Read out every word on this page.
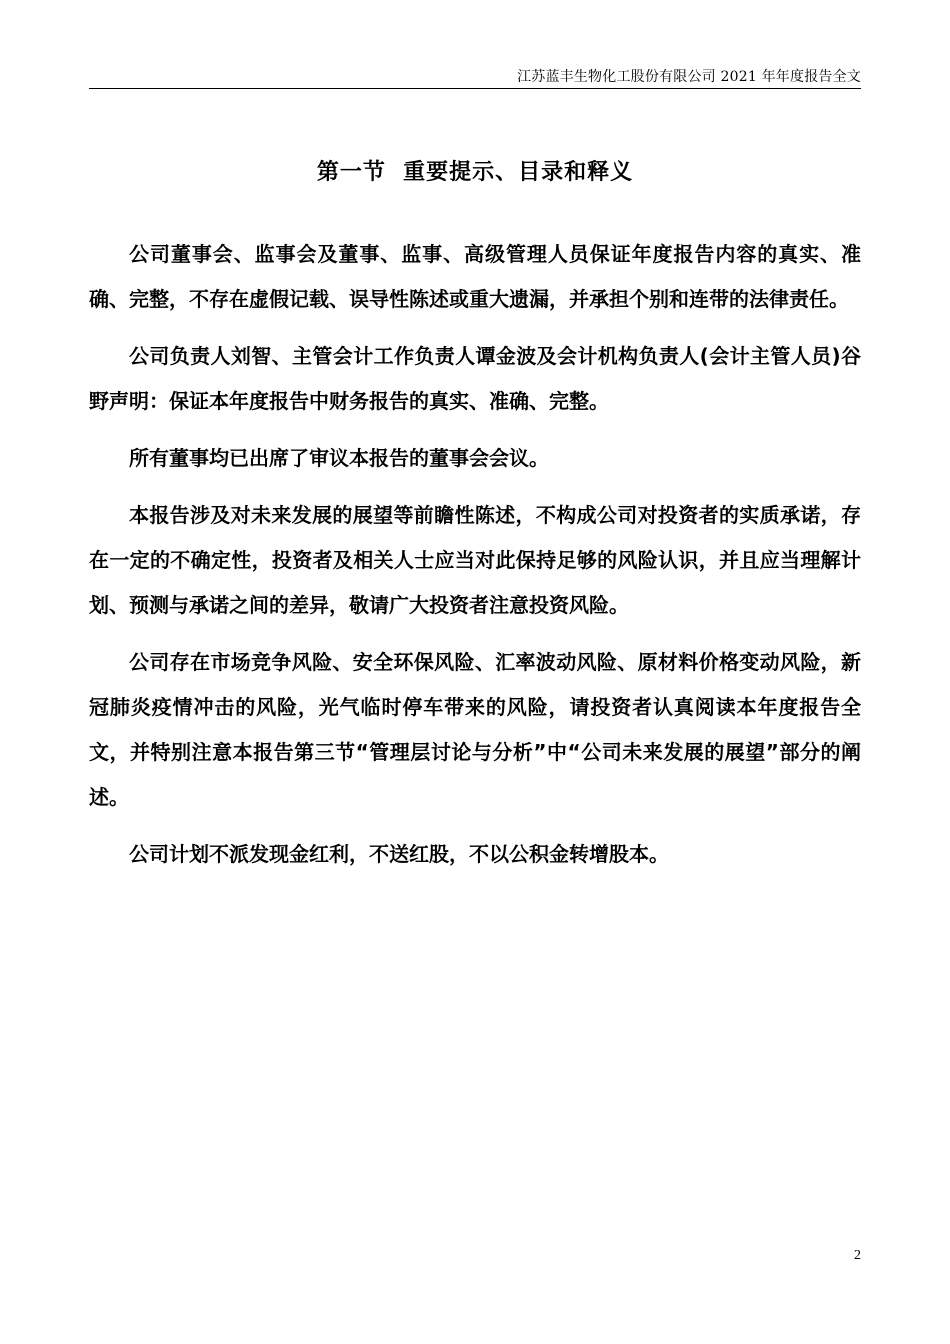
江苏蓝丰生物化工股份有限公司 2021 年年度报告全文
第一节  重要提示、目录和释义

公司董事会、监事会及董事、监事、高级管理人员保证年度报告内容的真实、准确、完整，不存在虚假记载、误导性陈述或重大遗漏，并承担个别和连带的法律责任。

公司负责人刘智、主管会计工作负责人谭金波及会计机构负责人(会计主管人员)谷野声明：保证本年度报告中财务报告的真实、准确、完整。

所有董事均已出席了审议本报告的董事会会议。

本报告涉及对未来发展的展望等前瞻性陈述，不构成公司对投资者的实质承诺，存在一定的不确定性，投资者及相关人士应当对此保持足够的风险认识，并且应当理解计划、预测与承诺之间的差异，敬请广大投资者注意投资风险。

公司存在市场竞争风险、安全环保风险、汇率波动风险、原材料价格变动风险，新冠肺炎疫情冲击的风险，光气临时停车带来的风险，请投资者认真阅读本年度报告全文，并特别注意本报告第三节“管理层讨论与分析”中“公司未来发展的展望”部分的阐述。

公司计划不派发现金红利，不送红股，不以公积金转增股本。

2
